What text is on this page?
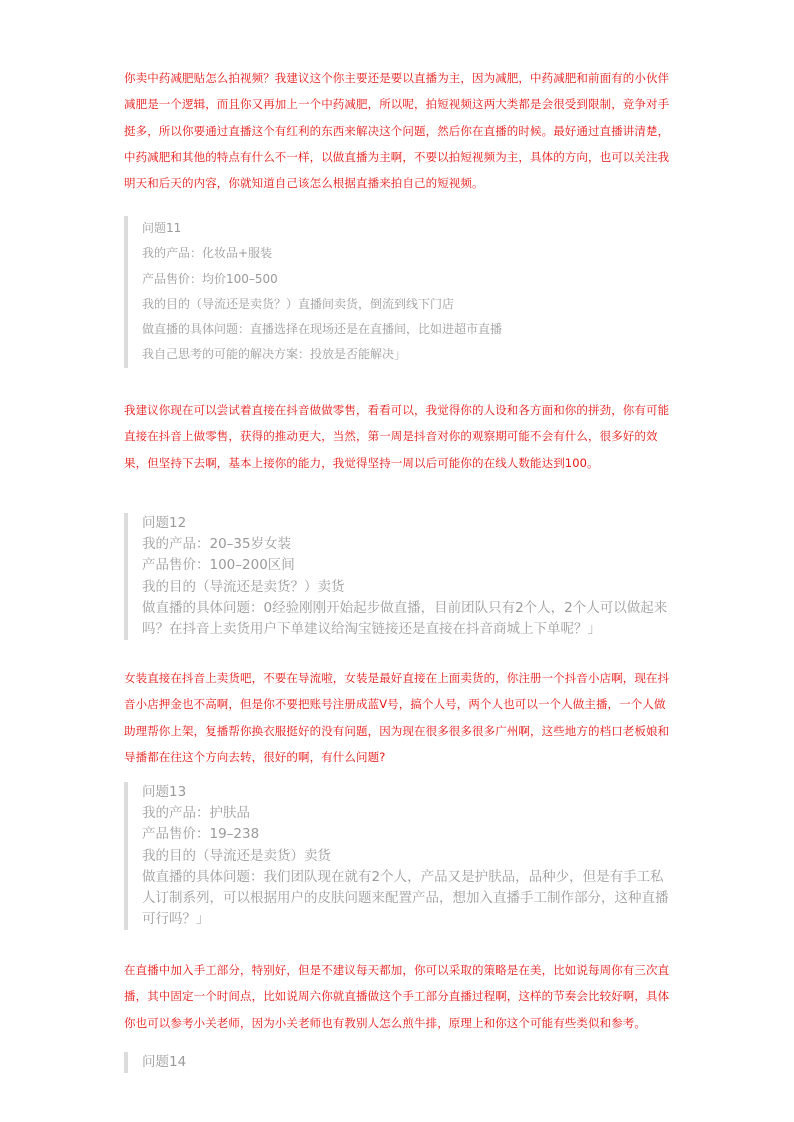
你卖中药减肥贴怎么拍视频？我建议这个你主要还是要以直播为主，因为减肥，中药减肥和前面有的小伙伴减肥是一个逻辑，而且你又再加上一个中药减肥，所以呢，拍短视频这两大类都是会很受到限制，竞争对手挺多，所以你要通过直播这个有红利的东西来解决这个问题，然后你在直播的时候。最好通过直播讲清楚，中药减肥和其他的特点有什么不一样，以做直播为主啊，不要以拍短视频为主，具体的方向，也可以关注我明天和后天的内容，你就知道自己该怎么根据直播来拍自己的短视频。

问题11
我的产品：化妆品+服装
产品售价：均价100–500
我的目的（导流还是卖货？）直播间卖货，倒流到线下门店
做直播的具体问题：直播选择在现场还是在直播间，比如进超市直播
我自己思考的可能的解决方案：投放是否能解决」

我建议你现在可以尝试着直接在抖音做做零售，看看可以，我觉得你的人设和各方面和你的拼劲，你有可能直接在抖音上做零售，获得的推动更大，当然，第一周是抖音对你的观察期可能不会有什么，很多好的效果，但坚持下去啊，基本上接你的能力，我觉得坚持一周以后可能你的在线人数能达到100。

问题12
我的产品：20–35岁女装
产品售价：100–200区间
我的目的（导流还是卖货？）卖货
做直播的具体问题：0经验刚刚开始起步做直播，目前团队只有2个人，2个人可以做起来吗？在抖音上卖货用户下单建议给淘宝链接还是直接在抖音商城上下单呢？」

女装直接在抖音上卖货吧，不要在导流啦，女装是最好直接在上面卖货的，你注册一个抖音小店啊，现在抖音小店押金也不高啊，但是你不要把账号注册成蓝V号，搞个人号，两个人也可以一个人做主播，一个人做助理帮你上架，复播帮你换衣服挺好的没有问题，因为现在很多很多很多广州啊，这些地方的档口老板娘和导播都在往这个方向去转，很好的啊，有什么问题?

问题13
我的产品：护肤品
产品售价：19–238
我的目的（导流还是卖货）卖货
做直播的具体问题：我们团队现在就有2个人，产品又是护肤品，品种少，但是有手工私人订制系列，可以根据用户的皮肤问题来配置产品，想加入直播手工制作部分，这种直播可行吗？」

在直播中加入手工部分，特别好，但是不建议每天都加，你可以采取的策略是在美，比如说每周你有三次直播，其中固定一个时间点，比如说周六你就直播做这个手工部分直播过程啊，这样的节奏会比较好啊，具体你也可以参考小关老师，因为小关老师也有教别人怎么煎牛排，原理上和你这个可能有些类似和参考。

问题14
